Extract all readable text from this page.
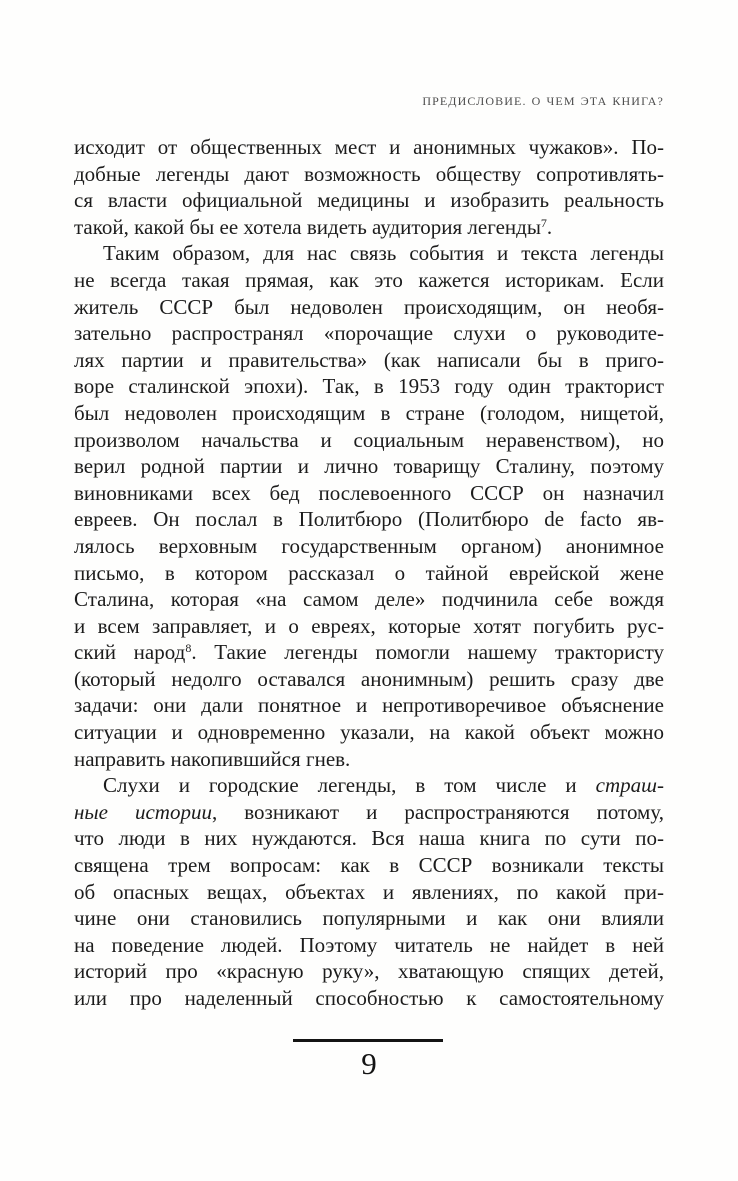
ПРЕДИСЛОВИЕ. О ЧЕМ ЭТА КНИГА?
исходит от общественных мест и анонимных чужаков». По-
добные легенды дают возможность обществу сопротивлять-
ся власти официальной медицины и изобразить реальность
такой, какой бы ее хотела видеть аудитория легенды$^7$.
Таким образом, для нас связь события и текста легенды
не всегда такая прямая, как это кажется историкам. Если
житель СССР был недоволен происходящим, он необя-
зательно распространял «порочащие слухи о руководите-
лях партии и правительства» (как написали бы в приго-
воре сталинской эпохи). Так, в 1953 году один тракторист
был недоволен происходящим в стране (голодом, нищетой,
произволом начальства и социальным неравенством), но
верил родной партии и лично товарищу Сталину, поэтому
виновниками всех бед послевоенного СССР он назначил
евреев. Он послал в Политбюро (Политбюро de facto яв-
лялось верховным государственным органом) анонимное
письмо, в котором рассказал о тайной еврейской жене
Сталина, которая «на самом деле» подчинила себе вождя
и всем заправляет, и о евреях, которые хотят погубить рус-
ский народ$^8$. Такие легенды помогли нашему трактористу
(который недолго оставался анонимным) решить сразу две
задачи: они дали понятное и непротиворечивое объяснение
ситуации и одновременно указали, на какой объект можно
направить накопившийся гнев.
Слухи и городские легенды, в том числе и страш-
ные истории, возникают и распространяются потому,
что люди в них нуждаются. Вся наша книга по сути по-
священа трем вопросам: как в СССР возникали тексты
об опасных вещах, объектах и явлениях, по какой при-
чине они становились популярными и как они влияли
на поведение людей. Поэтому читатель не найдет в ней
историй про «красную руку», хватающую спящих детей,
или про наделенный способностью к самостоятельному
9
